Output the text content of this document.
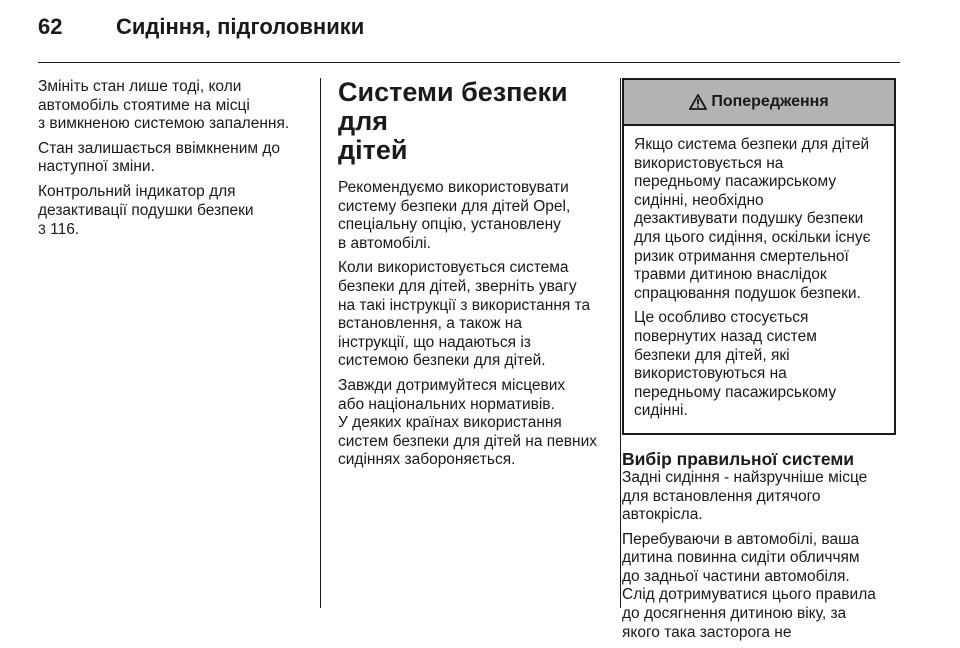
62	Сидіння, підголовники

Змініть стан лише тоді, коли
автомобіль стоятиме на місці
з вимкненою системою запалення.

Стан залишається ввімкненим до
наступної зміни.

Контрольний індикатор для
дезактивації подушки безпеки
3 116.

Системи безпеки для
дітей

Рекомендуємо використовувати
систему безпеки для дітей Opel,
спеціальну опцію, установлену
в автомобілі.

Коли використовується система
безпеки для дітей, зверніть увагу
на такі інструкції з використання та
встановлення, а також на
інструкції, що надаються із
системою безпеки для дітей.

Завжди дотримуйтеся місцевих
або національних нормативів.
У деяких країнах використання
систем безпеки для дітей на певних
сидіннях забороняється.

Попередження

Якщо система безпеки для дітей
використовується на
передньому пасажирському
сидінні, необхідно
дезактивувати подушку безпеки
для цього сидіння, оскільки існує
ризик отримання смертельної
травми дитиною внаслідок
спрацювання подушок безпеки.

Це особливо стосується
повернутих назад систем
безпеки для дітей, які
використовуються на
передньому пасажирському
сидінні.

Вибір правильної системи

Задні сидіння - найзручніше місце
для встановлення дитячого
автокрісла.

Перебуваючи в автомобілі, ваша
дитина повинна сидіти обличчям
до задньої частини автомобіля.
Слід дотримуватися цього правила
до досягнення дитиною віку, за
якого така засторога не
